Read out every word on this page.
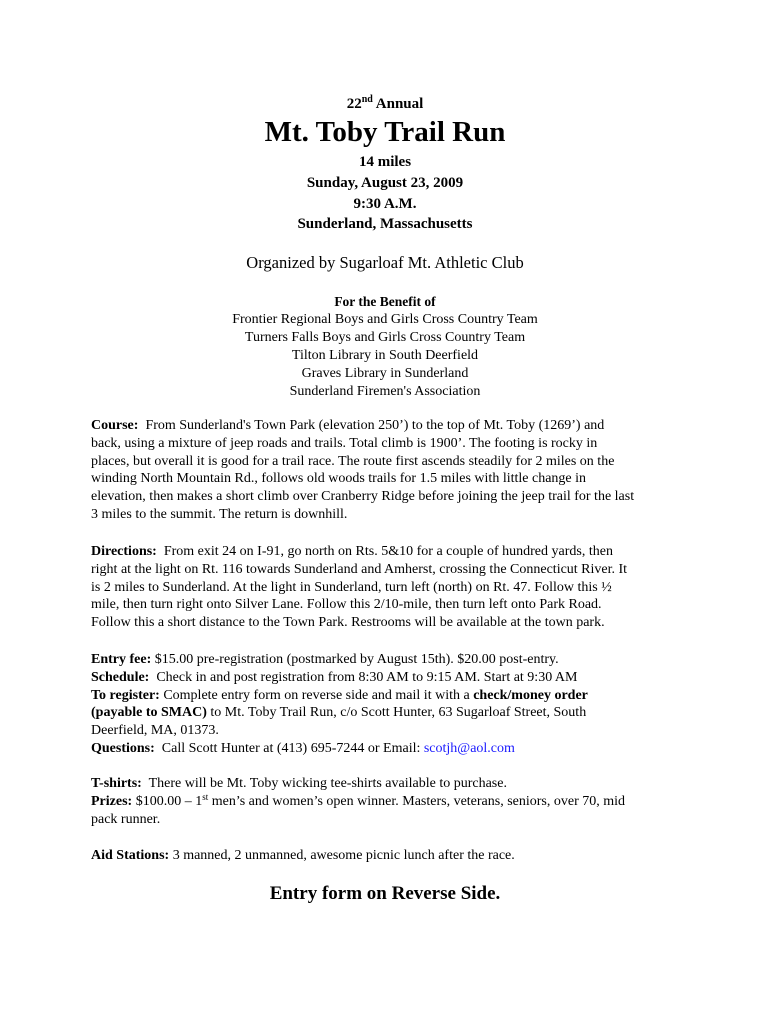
22nd Annual
Mt. Toby Trail Run
14 miles
Sunday, August 23, 2009
9:30 A.M.
Sunderland, Massachusetts
Organized by Sugarloaf Mt. Athletic Club
For the Benefit of
Frontier Regional Boys and Girls Cross Country Team
Turners Falls Boys and Girls Cross Country Team
Tilton Library in South Deerfield
Graves Library in Sunderland
Sunderland Firemen's Association
Course: From Sunderland's Town Park (elevation 250’) to the top of Mt. Toby (1269’) and
back, using a mixture of jeep roads and trails. Total climb is 1900’. The footing is rocky in
places, but overall it is good for a trail race. The route first ascends steadily for 2 miles on the
winding North Mountain Rd., follows old woods trails for 1.5 miles with little change in
elevation, then makes a short climb over Cranberry Ridge before joining the jeep trail for the last
3 miles to the summit. The return is downhill.
Directions: From exit 24 on I-91, go north on Rts. 5&10 for a couple of hundred yards, then
right at the light on Rt. 116 towards Sunderland and Amherst, crossing the Connecticut River. It
is 2 miles to Sunderland. At the light in Sunderland, turn left (north) on Rt. 47. Follow this ½
mile, then turn right onto Silver Lane. Follow this 2/10-mile, then turn left onto Park Road.
Follow this a short distance to the Town Park. Restrooms will be available at the town park.
Entry fee: $15.00 pre-registration (postmarked by August 15th). $20.00 post-entry.
Schedule: Check in and post registration from 8:30 AM to 9:15 AM. Start at 9:30 AM
To register: Complete entry form on reverse side and mail it with a check/money order
(payable to SMAC) to Mt. Toby Trail Run, c/o Scott Hunter, 63 Sugarloaf Street, South
Deerfield, MA, 01373.
Questions: Call Scott Hunter at (413) 695-7244 or Email: scotjh@aol.com
T-shirts: There will be Mt. Toby wicking tee-shirts available to purchase.
Prizes: $100.00 – 1st men’s and women’s open winner. Masters, veterans, seniors, over 70, mid
pack runner.
Aid Stations: 3 manned, 2 unmanned, awesome picnic lunch after the race.
Entry form on Reverse Side.
